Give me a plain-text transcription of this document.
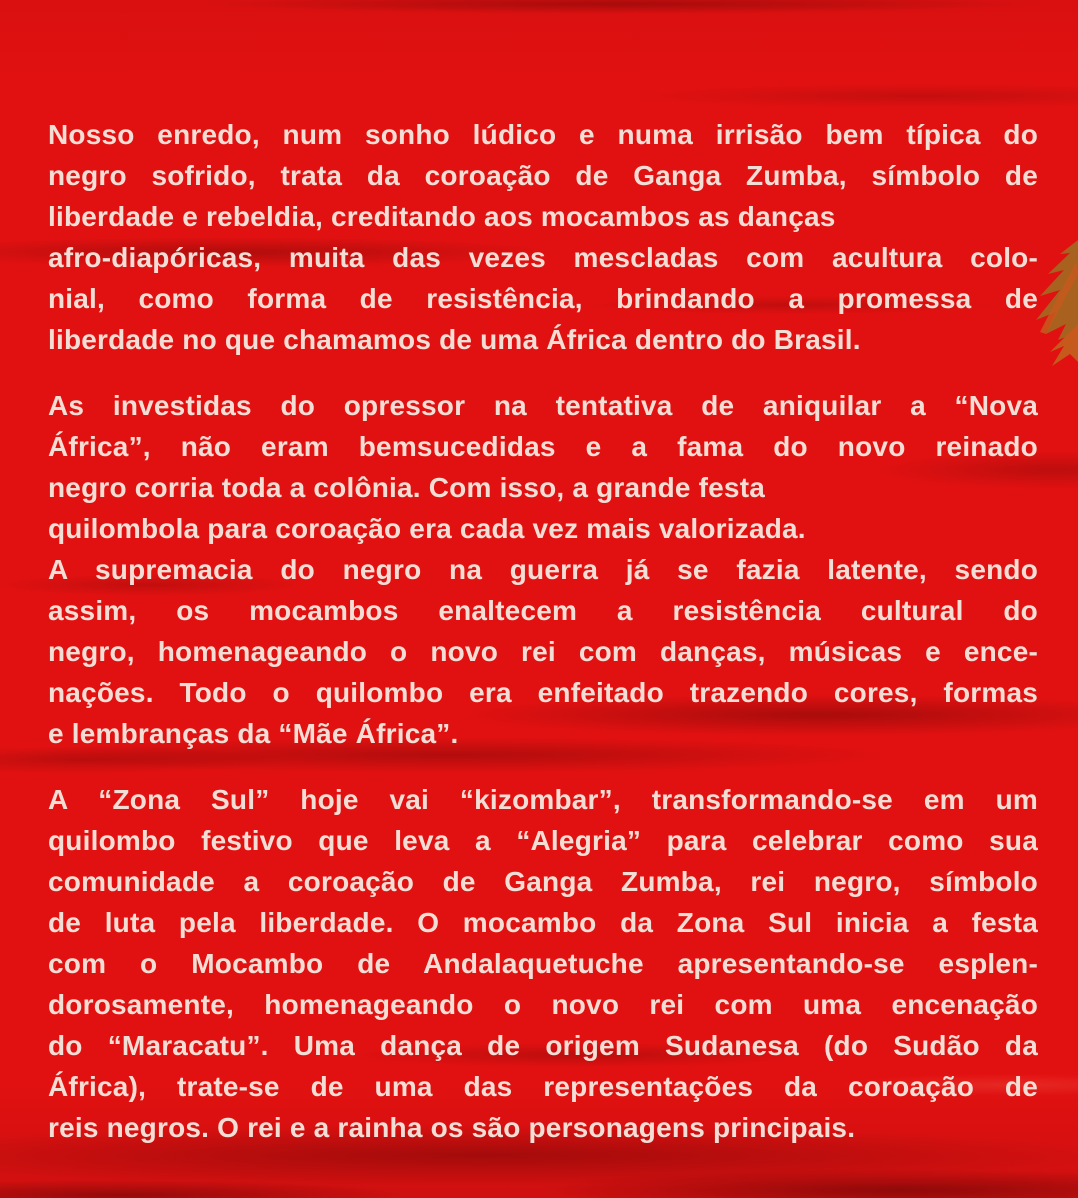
Nosso enredo, num sonho lúdico e numa irrisão bem típica do
negro sofrido, trata da coroação de Ganga Zumba, símbolo de
liberdade e rebeldia, creditando aos mocambos as danças
afro-diapóricas, muita das vezes mescladas com acultura colo-
nial, como forma de resistência, brindando a promessa de
liberdade no que chamamos de uma África dentro do Brasil.
As investidas do opressor na tentativa de aniquilar a “Nova
África”, não eram bemsucedidas e a fama do novo reinado
negro corria toda a colônia. Com isso, a grande festa
quilombola para coroação era cada vez mais valorizada.
A supremacia do negro na guerra já se fazia latente, sendo
assim, os mocambos enaltecem a resistência cultural do
negro, homenageando o novo rei com danças, músicas e ence-
nações. Todo o quilombo era enfeitado trazendo cores, formas
e lembranças da “Mãe África”.
A “Zona Sul” hoje vai “kizombar”, transformando-se em um
quilombo festivo que leva a “Alegria” para celebrar como sua
comunidade a coroação de Ganga Zumba, rei negro, símbolo
de luta pela liberdade. O mocambo da Zona Sul inicia a festa
com o Mocambo de Andalaquetuche apresentando-se esplen-
dorosamente, homenageando o novo rei com uma encenação
do “Maracatu”. Uma dança de origem Sudanesa (do Sudão da
África), trate-se de uma das representações da coroação de
reis negros. O rei e a rainha os são personagens principais.
